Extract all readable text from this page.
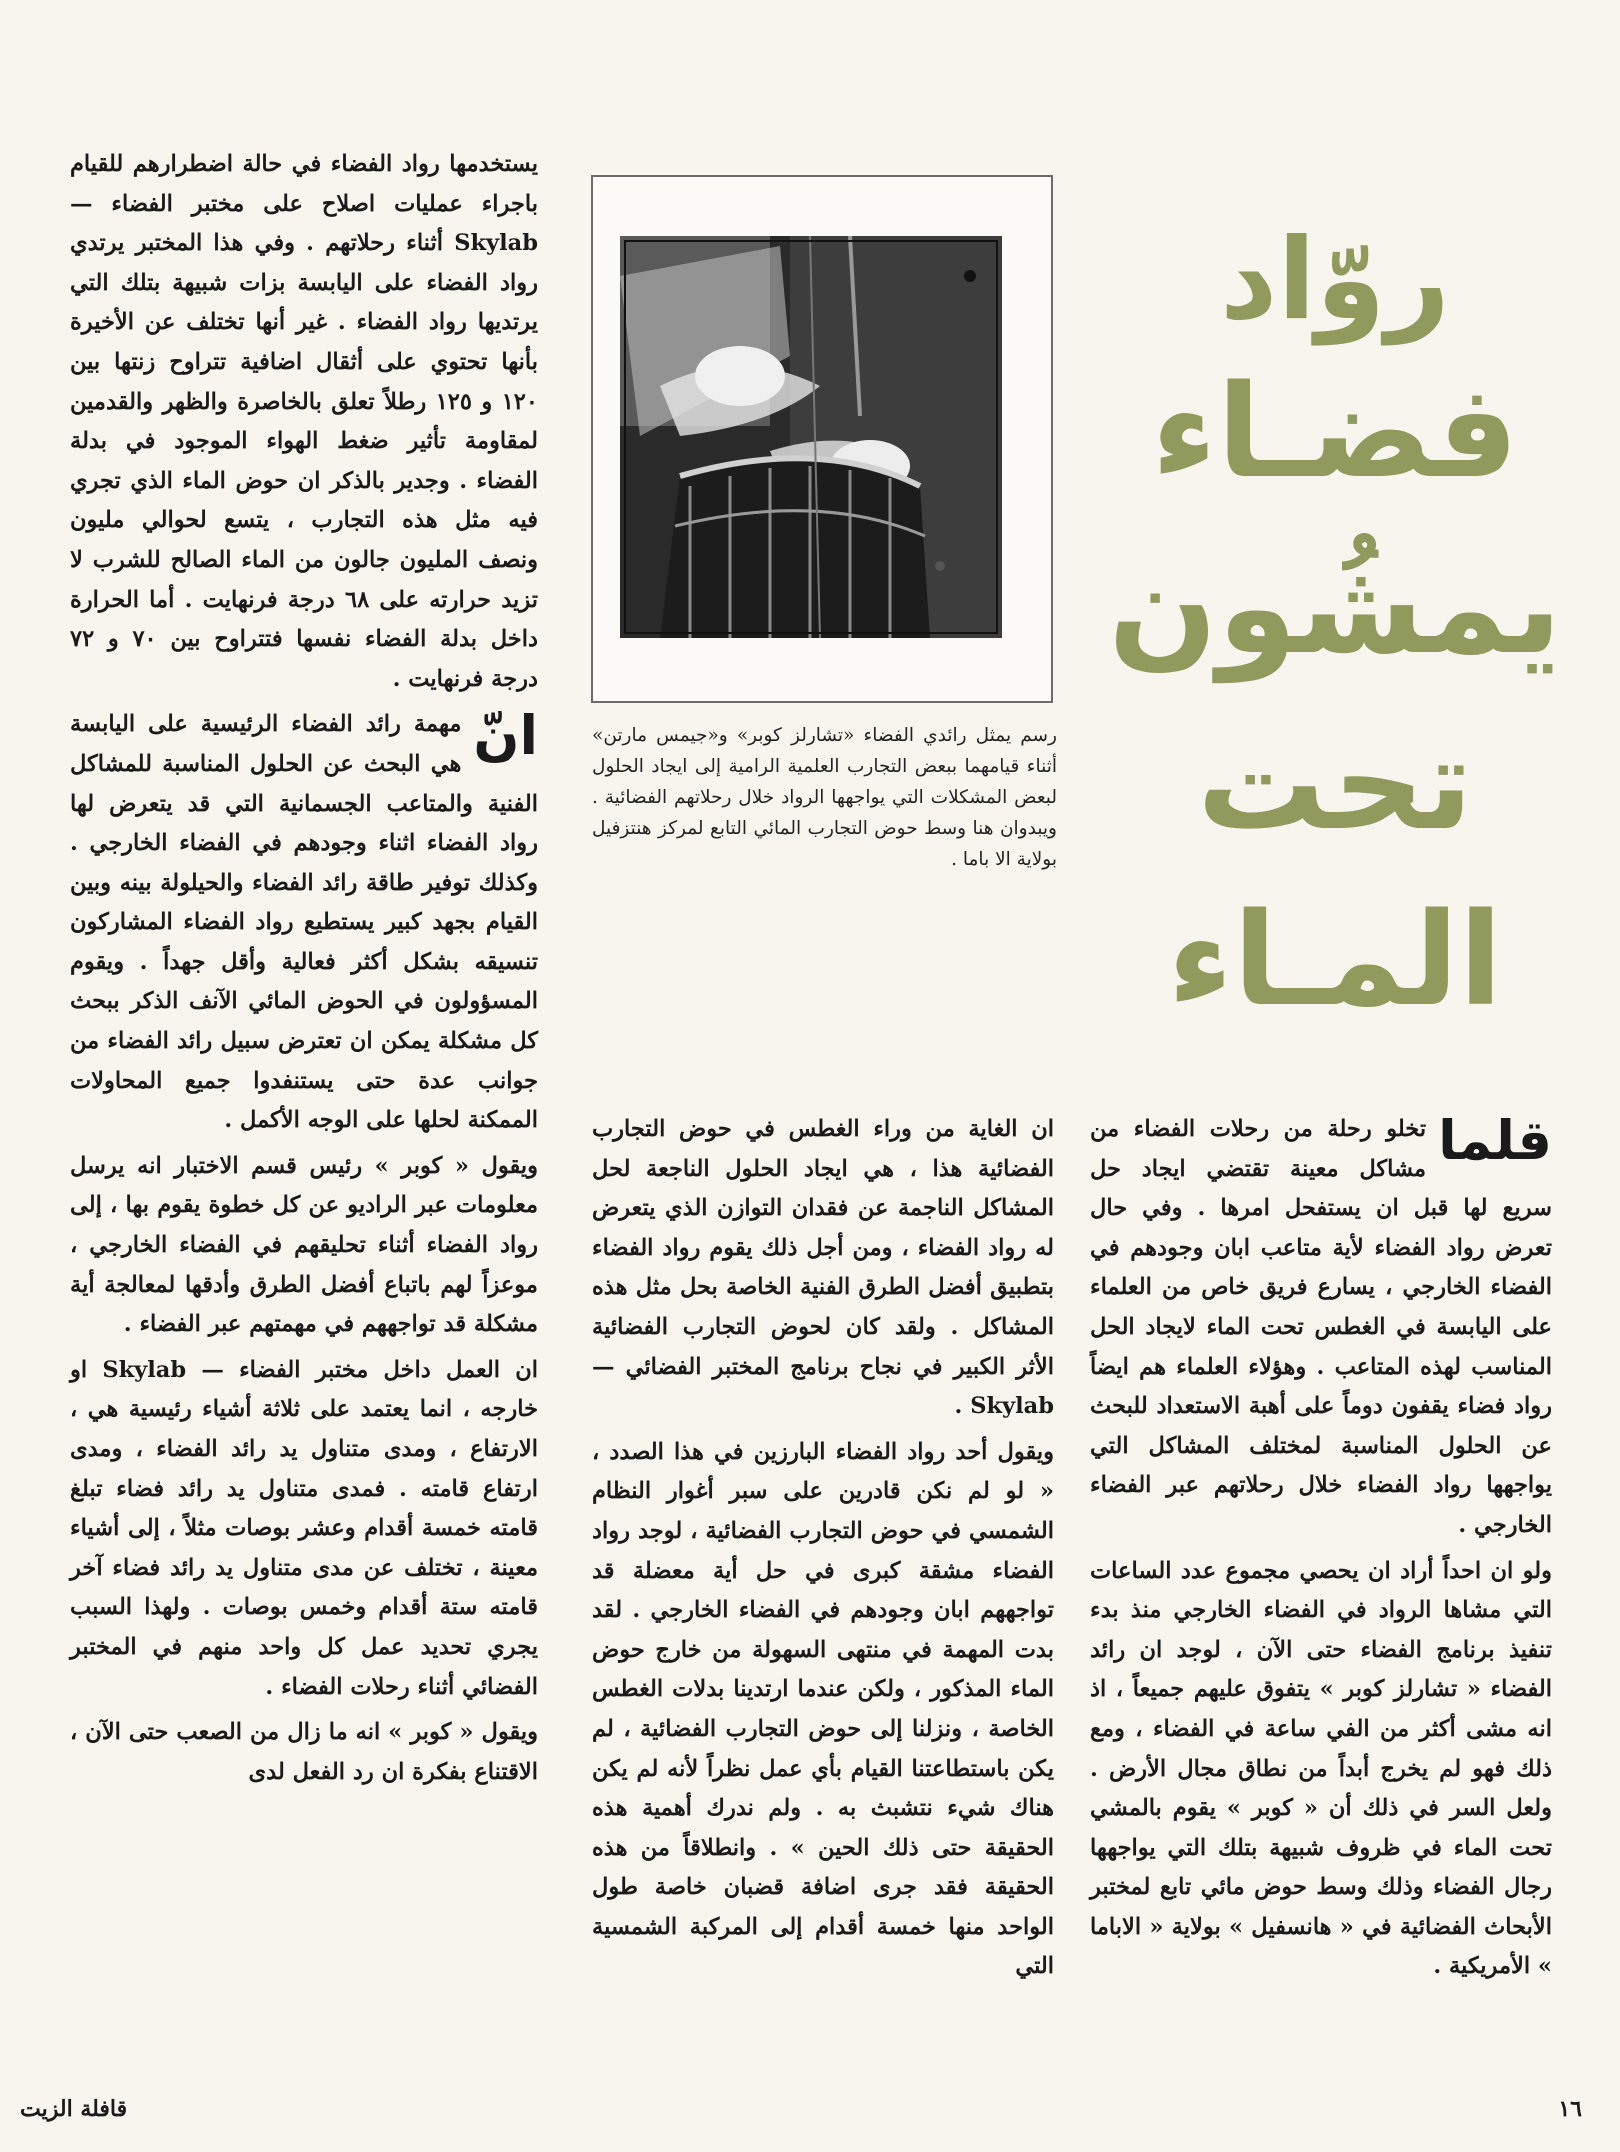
روّاد
فضـاء
يمشُون
تحت
المـاء
رسم يمثل رائدي الفضاء «تشارلز كوبر» و«جيمس مارتن» أثناء قيامهما ببعض التجارب العلمية الرامية إلى ايجاد الحلول لبعض المشكلات التي يواجهها الرواد خلال رحلاتهم الفضائية . ويبدوان هنا وسط حوض التجارب المائي التابع لمركز هنتزفيل بولاية الا باما .

يستخدمها رواد الفضاء في حالة اضطرارهم للقيام باجراء عمليات اصلاح على مختبر الفضاء — Skylab أثناء رحلاتهم . وفي هذا المختبر يرتدي رواد الفضاء على اليابسة بزات شبيهة بتلك التي يرتديها رواد الفضاء . غير أنها تختلف عن الأخيرة بأنها تحتوي على أثقال اضافية تتراوح زنتها بين ١٢٠ و ١٢٥ رطلاً تعلق بالخاصرة والظهر والقدمين لمقاومة تأثير ضغط الهواء الموجود في بدلة الفضاء . وجدير بالذكر ان حوض الماء الذي تجري فيه مثل هذه التجارب ، يتسع لحوالي مليون ونصف المليون جالون من الماء الصالح للشرب لا تزيد حرارته على ٦٨ درجة فرنهايت . أما الحرارة داخل بدلة الفضاء نفسها فتتراوح بين ٧٠ و ٧٢ درجة فرنهايت .

انّ
مهمة رائد الفضاء الرئيسية على اليابسة هي البحث عن الحلول المناسبة للمشاكل الفنية والمتاعب الجسمانية التي قد يتعرض لها رواد الفضاء اثناء وجودهم في الفضاء الخارجي . وكذلك توفير طاقة رائد الفضاء والحيلولة بينه وبين القيام بجهد كبير يستطيع رواد الفضاء المشاركون تنسيقه بشكل أكثر فعالية وأقل جهداً . ويقوم المسؤولون في الحوض المائي الآنف الذكر ببحث كل مشكلة يمكن ان تعترض سبيل رائد الفضاء من جوانب عدة حتى يستنفدوا جميع المحاولات الممكنة لحلها على الوجه الأكمل .

ويقول « كوبر » رئيس قسم الاختبار انه يرسل معلومات عبر الراديو عن كل خطوة يقوم بها ، إلى رواد الفضاء أثناء تحليقهم في الفضاء الخارجي ، موعزاً لهم باتباع أفضل الطرق وأدقها لمعالجة أية مشكلة قد تواجههم في مهمتهم عبر الفضاء .

ان العمل داخل مختبر الفضاء — Skylab او خارجه ، انما يعتمد على ثلاثة أشياء رئيسية هي ، الارتفاع ، ومدى متناول يد رائد الفضاء ، ومدى ارتفاع قامته . فمدى متناول يد رائد فضاء تبلغ قامته خمسة أقدام وعشر بوصات مثلاً ، إلى أشياء معينة ، تختلف عن مدى متناول يد رائد فضاء آخر قامته ستة أقدام وخمس بوصات . ولهذا السبب يجري تحديد عمل كل واحد منهم في المختبر الفضائي أثناء رحلات الفضاء .

ويقول « كوبر » انه ما زال من الصعب حتى الآن ، الاقتناع بفكرة ان رد الفعل لدى

ان الغاية من وراء الغطس في حوض التجارب الفضائية هذا ، هي ايجاد الحلول الناجعة لحل المشاكل الناجمة عن فقدان التوازن الذي يتعرض له رواد الفضاء ، ومن أجل ذلك يقوم رواد الفضاء بتطبيق أفضل الطرق الفنية الخاصة بحل مثل هذه المشاكل . ولقد كان لحوض التجارب الفضائية الأثر الكبير في نجاح برنامج المختبر الفضائي — Skylab .

ويقول أحد رواد الفضاء البارزين في هذا الصدد ، « لو لم نكن قادرين على سبر أغوار النظام الشمسي في حوض التجارب الفضائية ، لوجد رواد الفضاء مشقة كبرى في حل أية معضلة قد تواجههم ابان وجودهم في الفضاء الخارجي . لقد بدت المهمة في منتهى السهولة من خارج حوض الماء المذكور ، ولكن عندما ارتدينا بدلات الغطس الخاصة ، ونزلنا إلى حوض التجارب الفضائية ، لم يكن باستطاعتنا القيام بأي عمل نظراً لأنه لم يكن هناك شيء نتشبث به . ولم ندرك أهمية هذه الحقيقة حتى ذلك الحين » . وانطلاقاً من هذه الحقيقة فقد جرى اضافة قضبان خاصة طول الواحد منها خمسة أقدام إلى المركبة الشمسية التي

قلما
تخلو رحلة من رحلات الفضاء من مشاكل معينة تقتضي ايجاد حل سريع لها قبل ان يستفحل امرها . وفي حال تعرض رواد الفضاء لأية متاعب ابان وجودهم في الفضاء الخارجي ، يسارع فريق خاص من العلماء على اليابسة في الغطس تحت الماء لايجاد الحل المناسب لهذه المتاعب . وهؤلاء العلماء هم ايضاً رواد فضاء يقفون دوماً على أهبة الاستعداد للبحث عن الحلول المناسبة لمختلف المشاكل التي يواجهها رواد الفضاء خلال رحلاتهم عبر الفضاء الخارجي .

ولو ان احداً أراد ان يحصي مجموع عدد الساعات التي مشاها الرواد في الفضاء الخارجي منذ بدء تنفيذ برنامج الفضاء حتى الآن ، لوجد ان رائد الفضاء « تشارلز كوبر » يتفوق عليهم جميعاً ، اذ انه مشى أكثر من الفي ساعة في الفضاء ، ومع ذلك فهو لم يخرج أبداً من نطاق مجال الأرض . ولعل السر في ذلك أن « كوبر » يقوم بالمشي تحت الماء في ظروف شبيهة بتلك التي يواجهها رجال الفضاء وذلك وسط حوض مائي تابع لمختبر الأبحاث الفضائية في « هانسفيل » بولاية « الاباما » الأمريكية .

١٦
قافلة الزيت
